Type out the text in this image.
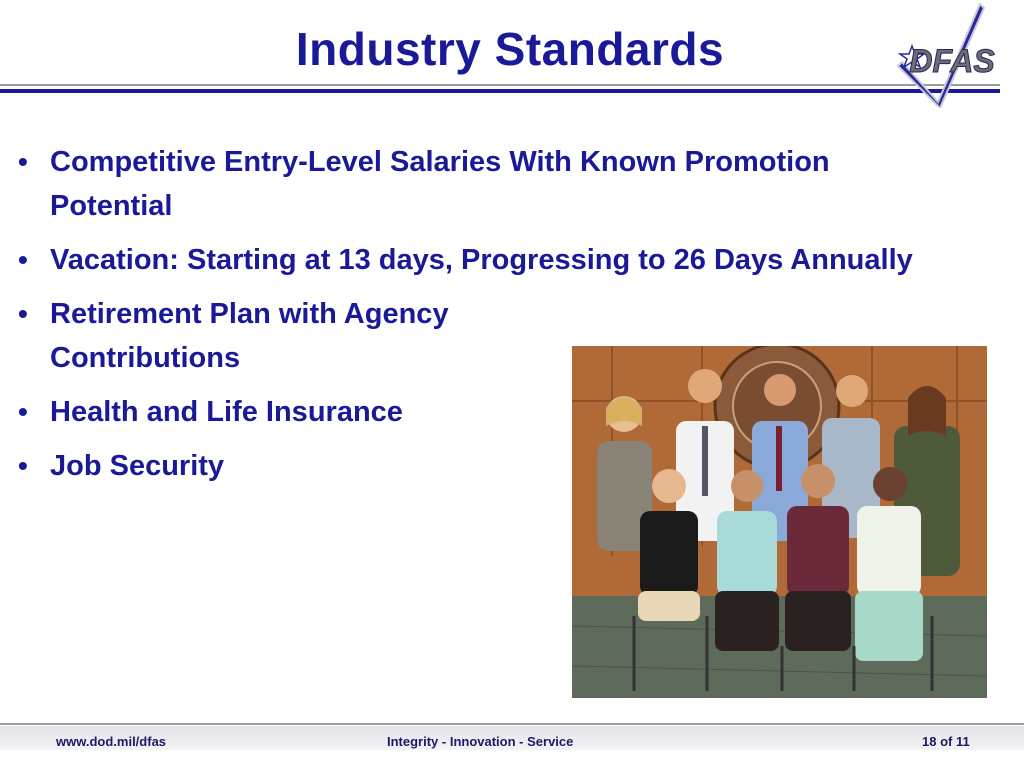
Industry Standards	DFAS
• Competitive Entry-Level Salaries With Known Promotion Potential
• Vacation: Starting at 13 days, Progressing to 26 Days Annually
• Retirement Plan with Agency Contributions
• Health and Life Insurance
• Job Security
www.dod.mil/dfas	Integrity - Innovation - Service	18 of 11
